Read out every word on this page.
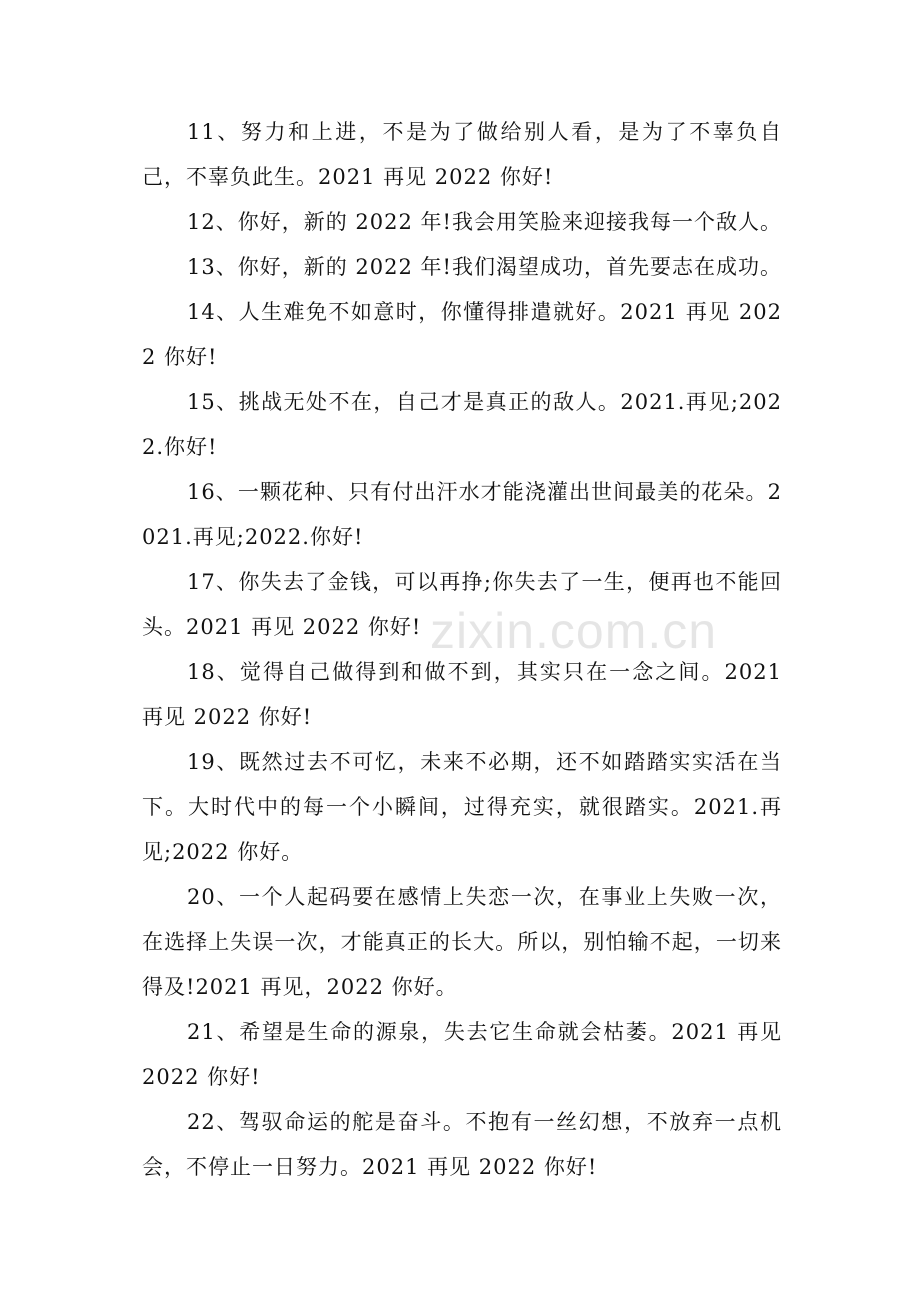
11、努力和上进，不是为了做给别人看，是为了不辜负自己，不辜负此生。2021 再见 2022 你好!

12、你好，新的 2022 年!我会用笑脸来迎接我每一个敌人。

13、你好，新的 2022 年!我们渴望成功，首先要志在成功。

14、人生难免不如意时，你懂得排遣就好。2021 再见 2022 你好!

15、挑战无处不在，自己才是真正的敌人。2021.再见;2022.你好!

16、一颗花种、只有付出汗水才能浇灌出世间最美的花朵。2021.再见;2022.你好!

17、你失去了金钱，可以再挣;你失去了一生，便再也不能回头。2021 再见 2022 你好!

18、觉得自己做得到和做不到，其实只在一念之间。2021 再见 2022 你好!

19、既然过去不可忆，未来不必期，还不如踏踏实实活在当下。大时代中的每一个小瞬间，过得充实，就很踏实。2021.再见;2022 你好。

20、一个人起码要在感情上失恋一次，在事业上失败一次，在选择上失误一次，才能真正的长大。所以，别怕输不起，一切来得及!2021 再见，2022 你好。

21、希望是生命的源泉，失去它生命就会枯萎。2021 再见 2022 你好!

22、驾驭命运的舵是奋斗。不抱有一丝幻想，不放弃一点机会，不停止一日努力。2021 再见 2022 你好!

zixin.com.cn
